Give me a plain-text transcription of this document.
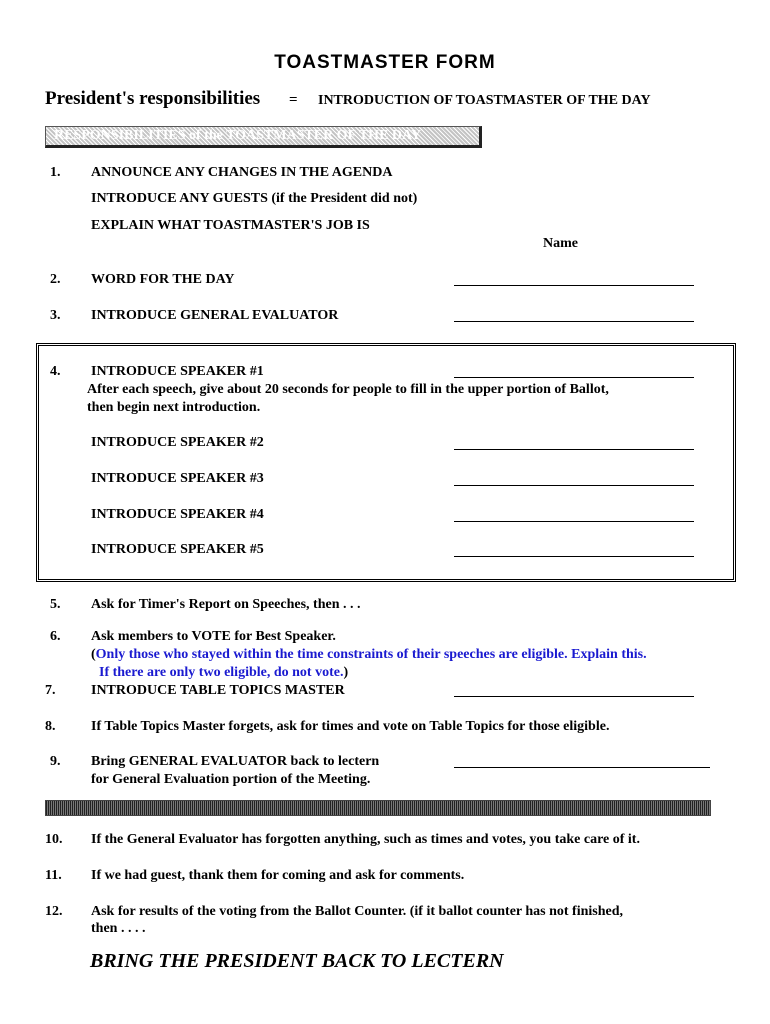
TOASTMASTER FORM
President's responsibilities = INTRODUCTION OF TOASTMASTER OF THE DAY
RESPONSIBILITIES of the TOASTMASTER OF THE DAY
1. ANNOUNCE ANY CHANGES IN THE AGENDA
INTRODUCE ANY GUESTS (if the President did not)
EXPLAIN WHAT TOASTMASTER'S JOB IS
Name
2. WORD FOR THE DAY
3. INTRODUCE GENERAL EVALUATOR
4. INTRODUCE SPEAKER #1
After each speech, give about 20 seconds for people to fill in the upper portion of Ballot,
then begin next introduction.
INTRODUCE SPEAKER #2
INTRODUCE SPEAKER #3
INTRODUCE SPEAKER #4
INTRODUCE SPEAKER #5
5. Ask for Timer's Report on Speeches, then . . .
6. Ask members to VOTE for Best Speaker.
(Only those who stayed within the time constraints of their speeches are eligible. Explain this.
If there are only two eligible, do not vote.)
7.	INTRODUCE TABLE TOPICS MASTER
8.	If Table Topics Master forgets, ask for times and vote on Table Topics for those eligible.
9. Bring GENERAL EVALUATOR back to lectern
for General Evaluation portion of the Meeting.
10. If the General Evaluator has forgotten anything, such as times and votes, you take care of it.
11. If we had guest, thank them for coming and ask for comments.
12. Ask for results of the voting from the Ballot Counter. (if it ballot counter has not finished,
then . . . .
BRING THE PRESIDENT BACK TO LECTERN
